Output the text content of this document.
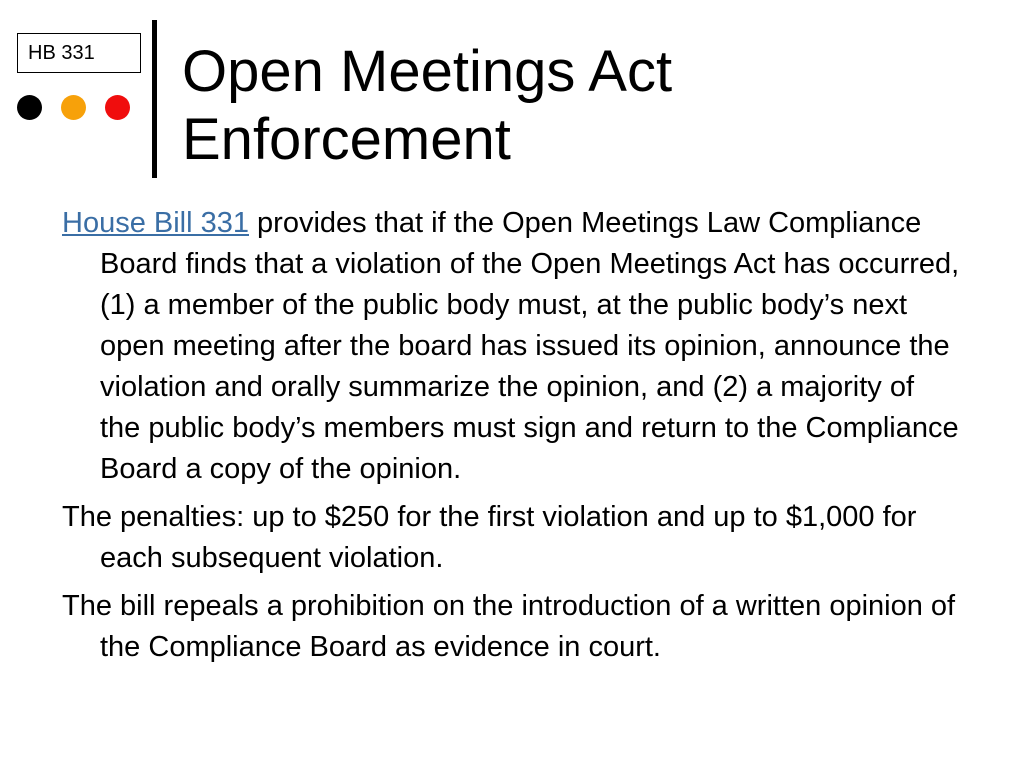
HB 331	Open Meetings Act
Enforcement

House Bill 331 provides that if the Open Meetings Law Compliance Board finds that a violation of the Open Meetings Act has occurred, (1) a member of the public body must, at the public body’s next open meeting after the board has issued its opinion, announce the violation and orally summarize the opinion, and (2) a majority of the public body’s members must sign and return to the Compliance Board a copy of the opinion.

The penalties: up to $250 for the first violation and up to $1,000 for each subsequent violation.

The bill repeals a prohibition on the introduction of a written opinion of the Compliance Board as evidence in court.
